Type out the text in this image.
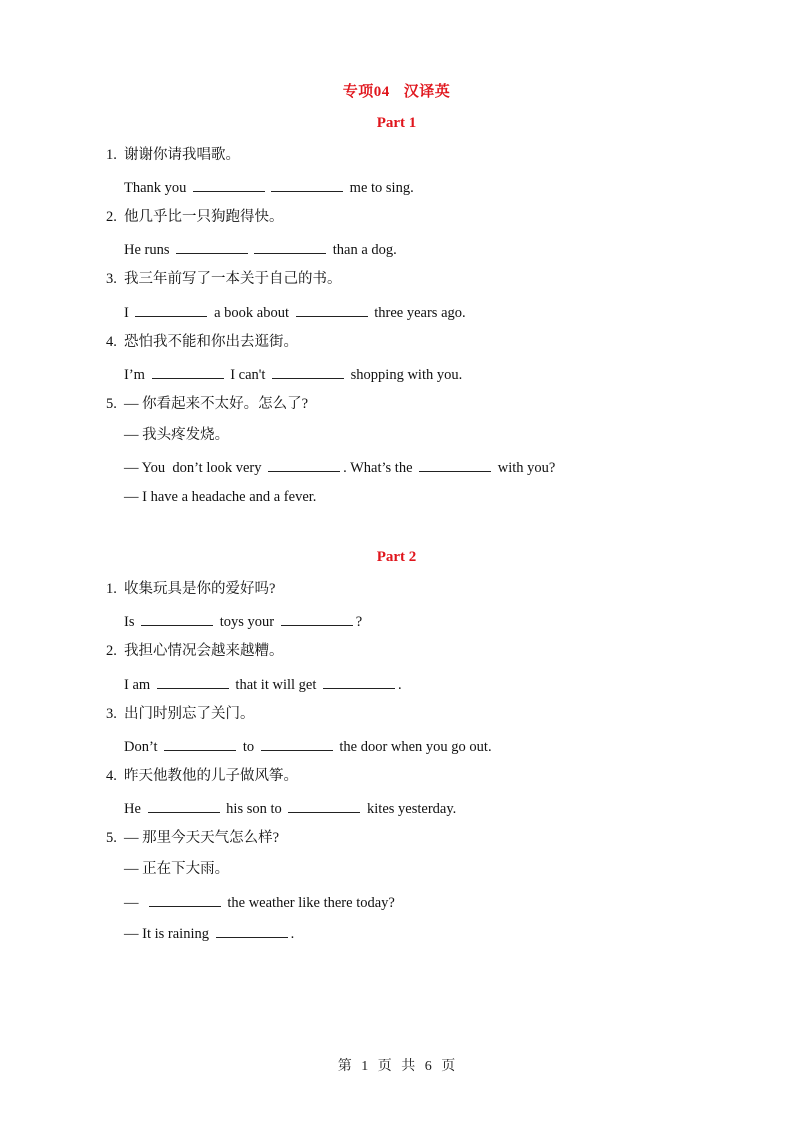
专项04 汉译英
Part 1
1. 谢谢你请我唱歌。
Thank you	me to sing.
2. 他几乎比一只狗跑得快。
He runs	than a dog.
3. 我三年前写了一本关于自己的书。
I	a book about	three years ago.
4. 恐怕我不能和你出去逛街。
I’m	I can't	shopping with you.
5. — 你看起来不太好。怎么了?
— 我头疼发烧。
— You  don’t look very	. What’s the	with you?
— I have a headache and a fever.
Part 2
1. 收集玩具是你的爱好吗?
Is	toys your	?
2. 我担心情况会越来越糟。
I am	that it will get	.
3. 出门时别忘了关门。
Don’t	to	the door when you go out.
4. 昨天他教他的儿子做风筝。
He	his son to	kites yesterday.
5. — 那里今天天气怎么样?
— 正在下大雨。
—	the weather like there today?
— It is raining	.
第 1 页 共 6 页
